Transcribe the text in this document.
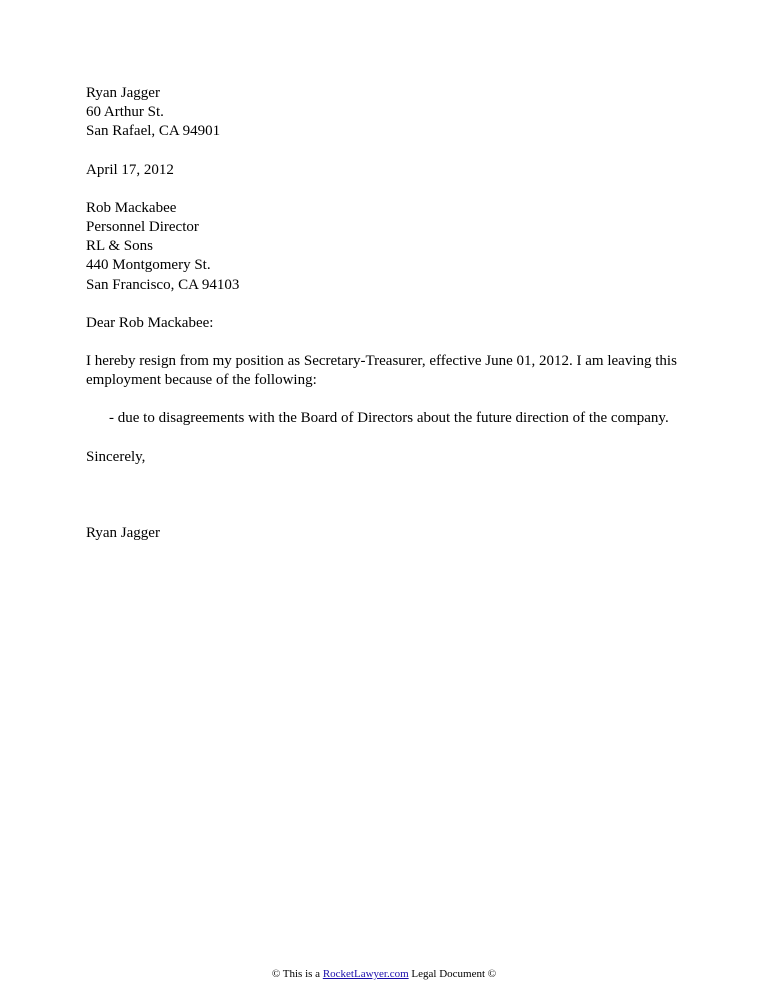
Ryan Jagger
60 Arthur St.
San Rafael, CA 94901
April 17, 2012
Rob Mackabee
Personnel Director
RL & Sons
440 Montgomery St.
San Francisco, CA 94103
Dear Rob Mackabee:
I hereby resign from my position as Secretary-Treasurer, effective June 01, 2012. I am leaving this
employment because of the following:
- due to disagreements with the Board of Directors about the future direction of the company.
Sincerely,
Ryan Jagger
© This is a RocketLawyer.com Legal Document ©
